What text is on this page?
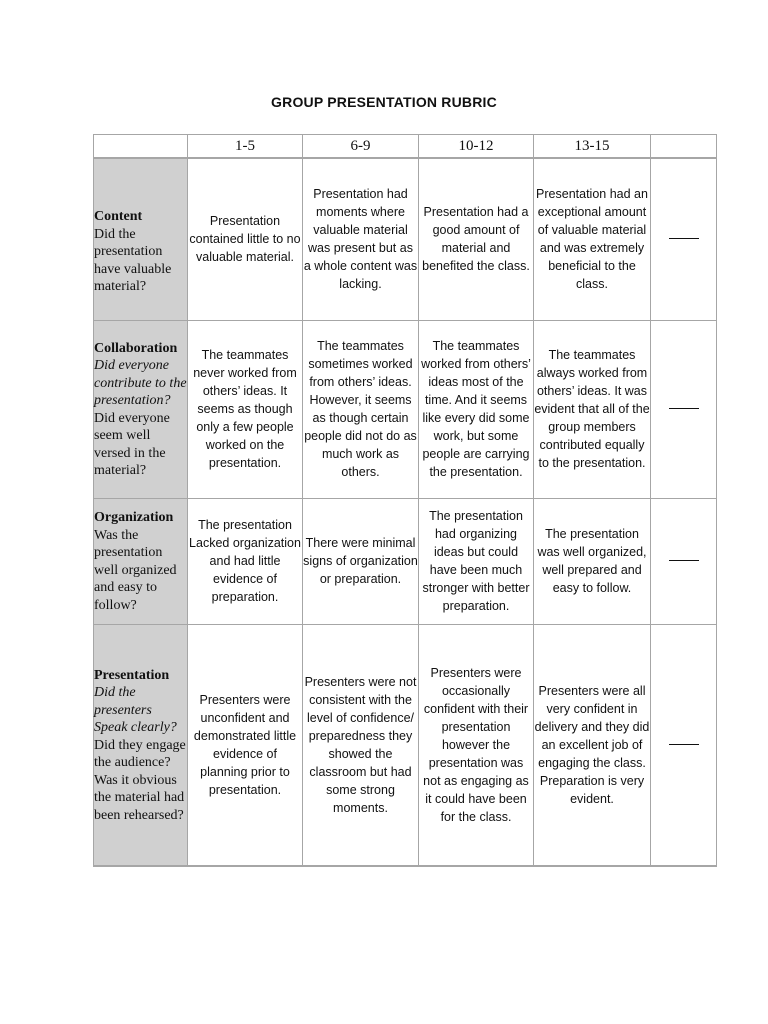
GROUP PRESENTATION RUBRIC
	1-5	6-9	10-12	13-15	

Content
Did the presentation have valuable material?	Presentation contained little to no valuable material.	Presentation had moments where valuable material was present but as a whole content was lacking.	Presentation had a good amount of material and benefited the class.	Presentation had an exceptional amount of valuable material and was extremely beneficial to the class.	

Collaboration
Did everyone contribute to the presentation?
Did everyone seem well versed in the material?	The teammates never worked from others’ ideas. It seems as though only a few people worked on the presentation.	The teammates sometimes worked from others’ ideas. However, it seems as though certain people did not do as much work as others.	The teammates worked from others’ ideas most of the time. And it seems like every did some work, but some people are carrying the presentation.	The teammates always worked from others’ ideas. It was evident that all of the group members contributed equally to the presentation.	

Organization
Was the presentation well organized and easy to follow?	The presentation Lacked organization and had little evidence of preparation.	There were minimal signs of organization or preparation.	The presentation had organizing ideas but could have been much stronger with better preparation.	The presentation was well organized, well prepared and easy to follow.	

Presentation
Did the presenters Speak clearly?
Did they engage the audience?
Was it obvious the material had been rehearsed?	Presenters were unconfident and demonstrated little evidence of planning prior to presentation.	Presenters were not consistent with the level of confidence/ preparedness they showed the classroom but had some strong moments.	Presenters were occasionally confident with their presentation however the presentation was not as engaging as it could have been for the class.	Presenters were all very confident in delivery and they did an excellent job of engaging the class. Preparation is very evident.	
